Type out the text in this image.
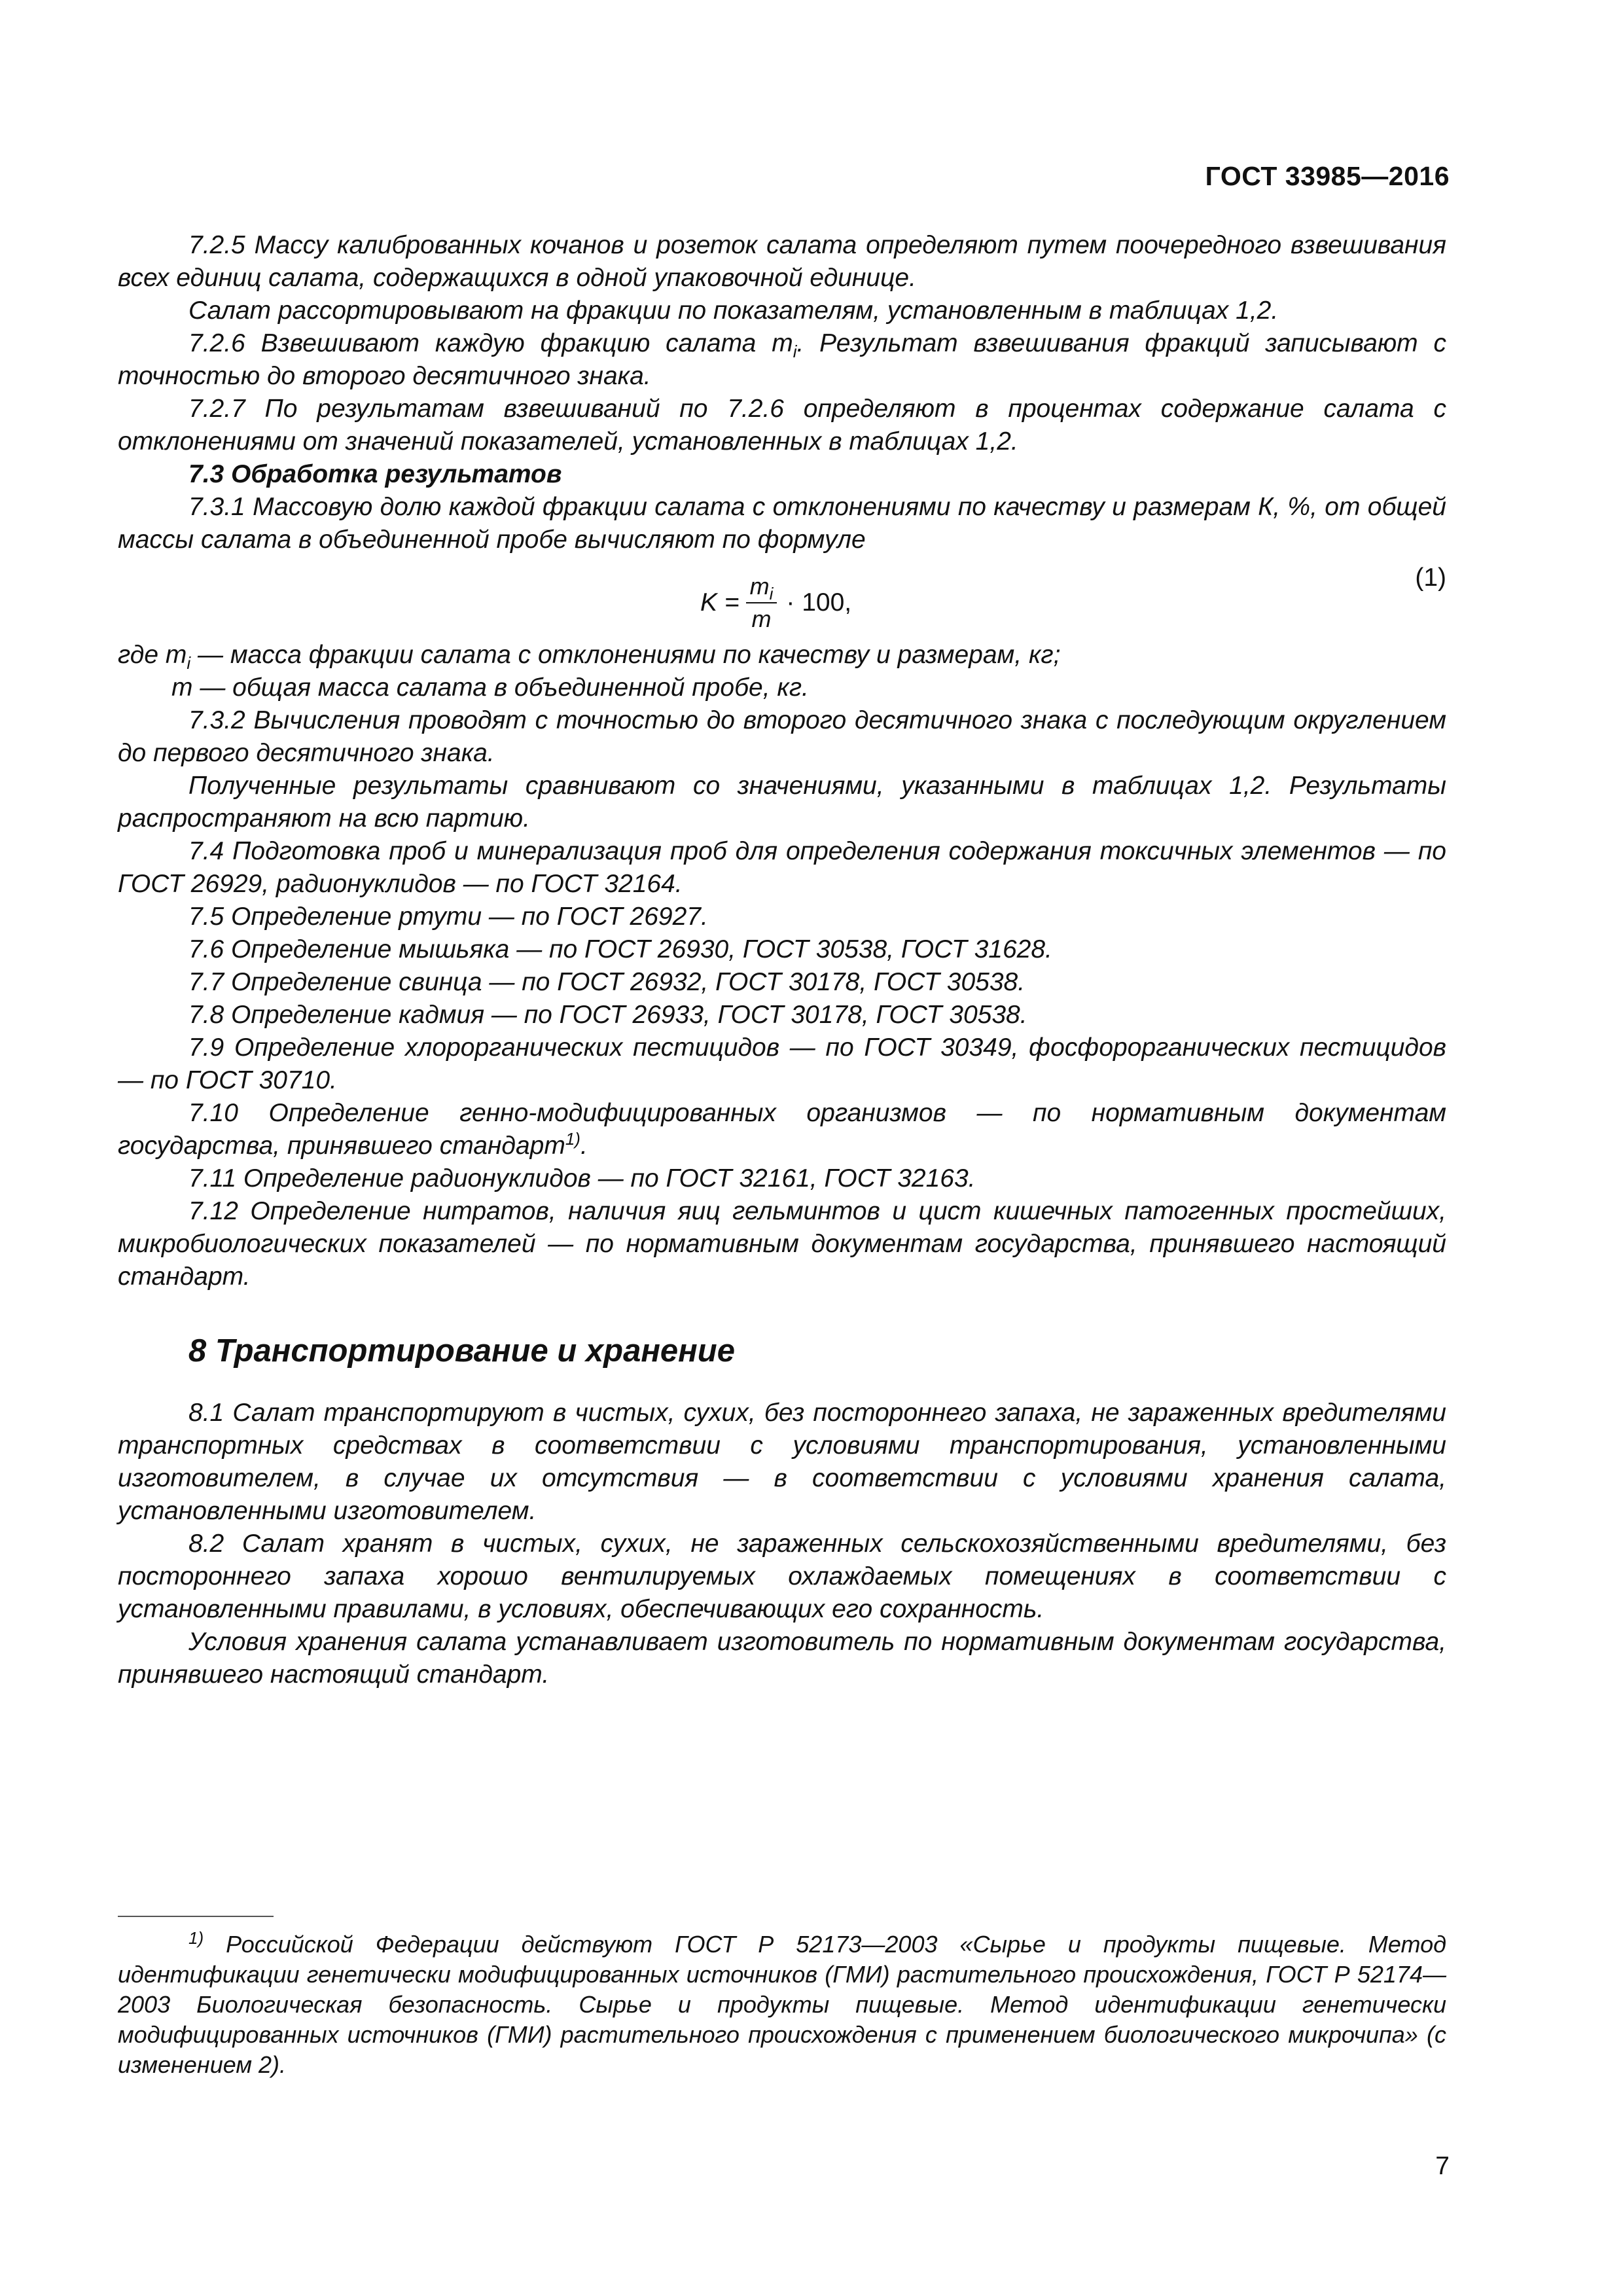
ГОСТ 33985—2016

7.2.5 Массу калиброванных кочанов и розеток салата определяют путем поочередного взвешивания всех единиц салата, содержащихся в одной упаковочной единице.

Салат рассортировывают на фракции по показателям, установленным в таблицах 1,2.

7.2.6 Взвешивают каждую фракцию салата $m_i$. Результат взвешивания фракций записывают с точностью до второго десятичного знака.

7.2.7 По результатам взвешиваний по 7.2.6 определяют в процентах содержание салата с отклонениями от значений показателей, установленных в таблицах 1,2.

7.3 Обработка результатов

7.3.1 Массовую долю каждой фракции салата с отклонениями по качеству и размерам К, %, от общей массы салата в объединенной пробе вычисляют по формуле

$K = \frac{m_i}{m} \cdot 100$,
(1)

где $m_i$ — масса фракции салата с отклонениями по качеству и размерам, кг;

m — общая масса салата в объединенной пробе, кг.

7.3.2 Вычисления проводят с точностью до второго десятичного знака с последующим округлением до первого десятичного знака.

Полученные результаты сравнивают со значениями, указанными в таблицах 1,2. Результаты распространяют на всю партию.

7.4 Подготовка проб и минерализация проб для определения содержания токсичных элементов — по ГОСТ 26929, радионуклидов — по ГОСТ 32164.

7.5 Определение ртути — по ГОСТ 26927.

7.6 Определение мышьяка — по ГОСТ 26930, ГОСТ 30538, ГОСТ 31628.

7.7 Определение свинца — по ГОСТ 26932, ГОСТ 30178, ГОСТ 30538.

7.8 Определение кадмия — по ГОСТ 26933, ГОСТ 30178, ГОСТ 30538.

7.9 Определение хлорорганических пестицидов — по ГОСТ 30349, фосфорорганических пестицидов — по ГОСТ 30710.

7.10 Определение генно-модифицированных организмов — по нормативным документам государства, принявшего стандарт$^{1)}$.

7.11 Определение радионуклидов — по ГОСТ 32161, ГОСТ 32163.

7.12 Определение нитратов, наличия яиц гельминтов и цист кишечных патогенных простейших, микробиологических показателей — по нормативным документам государства, принявшего настоящий стандарт.

8 Транспортирование и хранение

8.1 Салат транспортируют в чистых, сухих, без постороннего запаха, не зараженных вредителями транспортных средствах в соответствии с условиями транспортирования, установленными изготовителем, в случае их отсутствия — в соответствии с условиями хранения салата, установленными изготовителем.

8.2 Салат хранят в чистых, сухих, не зараженных сельскохозяйственными вредителями, без постороннего запаха хорошо вентилируемых охлаждаемых помещениях в соответствии с установленными правилами, в условиях, обеспечивающих его сохранность.

Условия хранения салата устанавливает изготовитель по нормативным документам государства, принявшего настоящий стандарт.

$^{1)}$ Российской Федерации действуют ГОСТ Р 52173—2003 «Сырье и продукты пищевые. Метод идентификации генетически модифицированных источников (ГМИ) растительного происхождения, ГОСТ Р 52174—2003 Биологическая безопасность. Сырье и продукты пищевые. Метод идентификации генетически модифицированных источников (ГМИ) растительного происхождения с применением биологического микрочипа» (с изменением 2).

7
